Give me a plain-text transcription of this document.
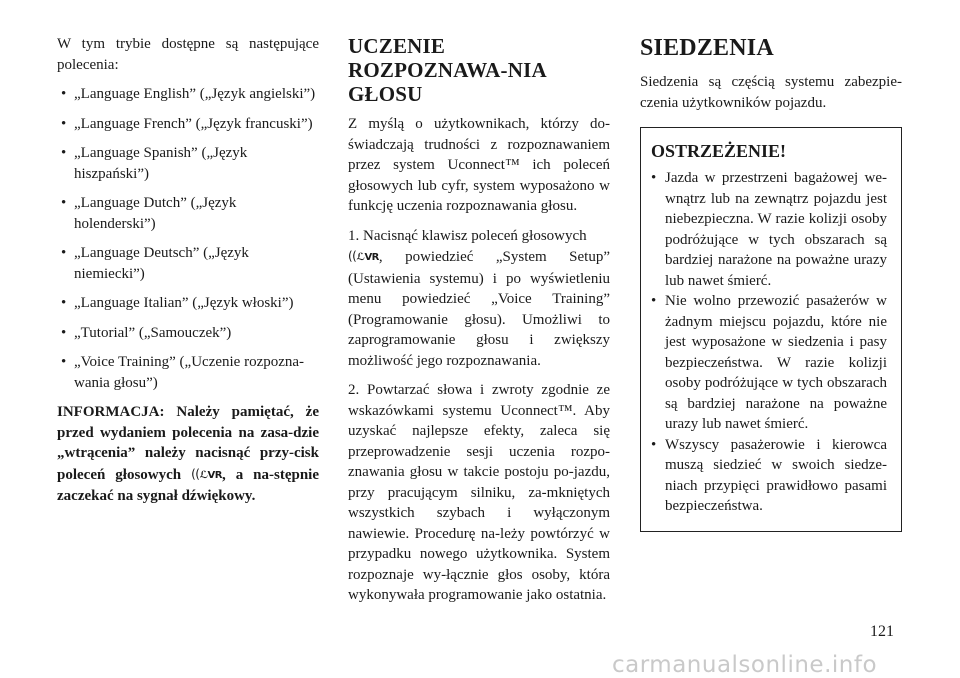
W tym trybie dostępne są następujące polecenia:

• „Language English” („Język angielski”)
• „Language French” („Język francuski”)
• „Language Spanish” („Język hiszpański”)
• „Language Dutch” („Język holenderski”)
• „Language Deutsch” („Język niemiecki”)
• „Language Italian” („Język włoski”)
• „Tutorial” („Samouczek”)
• „Voice Training” („Uczenie rozpozna-wania głosu”)

INFORMACJA: Należy pamiętać, że przed wydaniem polecenia na zasa-dzie „wtrącenia” należy nacisnąć przy-cisk poleceń głosowych ((ℒVR, a na-stępnie zaczekać na sygnał dźwiękowy.

UCZENIE ROZPOZNAWA-NIA GŁOSU

Z myślą o użytkownikach, którzy do-świadczają trudności z rozpoznawaniem przez system Uconnect™ ich poleceń głosowych lub cyfr, system wyposażono w funkcję uczenia rozpoznawania głosu.

1. Nacisnąć klawisz poleceń głosowych
((ℒVR, powiedzieć „System Setup” (Ustawienia systemu) i po wyświetleniu menu powiedzieć „Voice Training” (Programowanie głosu). Umożliwi to zaprogramowanie głosu i zwiększy możliwość jego rozpoznawania.

2. Powtarzać słowa i zwroty zgodnie ze wskazówkami systemu Uconnect™. Aby uzyskać najlepsze efekty, zaleca się przeprowadzenie sesji uczenia rozpo-znawania głosu w takcie postoju po-jazdu, przy pracującym silniku, za-mkniętych wszystkich szybach i wyłączonym nawiewie. Procedurę na-leży powtórzyć w przypadku nowego użytkownika. System rozpoznaje wy-łącznie głos osoby, która wykonywała programowanie jako ostatnia.

SIEDZENIA

Siedzenia są częścią systemu zabezpie-czenia użytkowników pojazdu.

OSTRZEŻENIE!
• Jazda w przestrzeni bagażowej we-wnątrz lub na zewnątrz pojazdu jest niebezpieczna. W razie kolizji osoby podróżujące w tych obszarach są bardziej narażone na poważne urazy lub nawet śmierć.
• Nie wolno przewozić pasażerów w żadnym miejscu pojazdu, które nie jest wyposażone w siedzenia i pasy bezpieczeństwa. W razie kolizji osoby podróżujące w tych obszarach są bardziej narażone na poważne urazy lub nawet śmierć.
• Wszyscy pasażerowie i kierowca muszą siedzieć w swoich siedze-niach przypięci prawidłowo pasami bezpieczeństwa.
121
carmanualsonline.info
